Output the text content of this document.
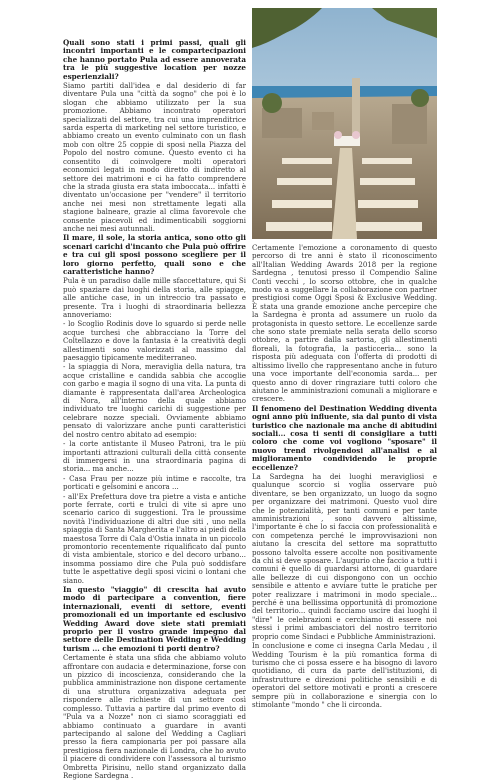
Quali sono stati i primi passi, quali gli incontri importanti e le compartecipazioni che hanno portato Pula ad essere annoverata tra le più suggestive location per nozze esperienziali?

Siamo partiti dall'idea e dal desiderio di far diventare Pula una "città da sogno" che poi è lo slogan che abbiamo utilizzato per la sua promozione. Abbiamo incontrato operatori specializzati del settore, tra cui una imprenditrice sarda esperta di marketing nel settore turistico, e abbiamo creato un evento culminato con un flash mob con oltre 25 coppie di sposi nella Piazza del Popolo del nostro comune. Questo evento ci ha consentito di coinvolgere molti operatori economici legati in modo diretto di indiretto al settore dei matrimoni e ci ha fatto comprendere che la strada giusta era stata imboccata... infatti è diventato un'occasione per "vendere" il territorio anche nei mesi non strettamente legati alla stagione balneare, grazie al clima favorevole che consente piacevoli ed indimenticabili soggiorni anche nei mesi autunnali.

Il mare, il sole, la storia antica, sono otto gli scenari carichi d'incanto che Pula può offrire e tra cui gli sposi possono scegliere per il loro giorno perfetto, quali sono e che caratteristiche hanno?

Pula è un paradiso dalle mille sfaccettature, qui Si può spaziare dai luoghi della storia, alle spiagge, alle antiche case, in un intreccio tra passato e presente. Tra i luoghi di straordinaria bellezza annoveriamo:

- lo Scoglio Rodinis dove lo sguardo si perde nelle acque turchesi che abbracciano la Torre del Coltellazzo e dove la fantasia è la creatività degli allestimenti sono valorizzati al massimo dal paesaggio tipicamente mediterraneo.

- la spiaggia di Nora, meraviglia della natura, tra acque cristalline e candida sabbia che accoglie con garbo e magia il sogno di una vita. La punta di diamante è rappresentata dall'area Archeologica di Nora, all'interno della quale abbiamo individuato tre luoghi carichi di suggestione per celebrare nozze speciali. Ovviamente abbiamo pensato di valorizzare anche punti caratteristici del nostro centro abitato ad esempio:

- la corte antistante il Museo Patroni, tra le più importanti attrazioni culturali della città consente di immergersi in una straordinaria pagina di storia... ma anche...

- Casa Frau per nozze più intime e raccolte, tra porticati e gelsomini e ancora ...

- all'Ex Prefettura dove tra pietre a vista e antiche porte ferrate, corti e trulci di vite si apre uno scenario carico di suggestioni. Tra le proussime novità l'individuazione di altri due siti , uno nella spiaggia di Santa Margherita e l'altro ai piedi della maestosa Torre di Cala d'Ostia innata in un piccolo promontorio recentemente riqualificato dal punto di vista ambientale, storico e del decoro urbano... insomma possiamo dire che Pula può soddisfare tutte le aspettative degli sposi vicini o lontani che siano.

In questo "viaggio" di crescita hai avuto modo di partecipare a convention, fiere internazionali, eventi di settore, eventi promozionali ed un importante ed esclusivo Wedding Award dove siete stati premiati proprio per il vostro grande impegno dal settore delle Destination Wedding e Wedding turism ... che emozioni ti porti dentro?

Certamente è stata una sfida che abbiamo voluto affrontare con audacia e determinazione, forse con un pizzico di incoscienza, considerando che la pubblica amministrazione non dispone certamente di una struttura organizzativa adeguata per rispondere alle richieste di un settore così complesso. Tuttavia a partire dal primo evento di "Pula va a Nozze" non ci siamo scoraggiati ed abbiamo continuato a guardare in avanti partecipando al salone del Wedding a Cagliari presso la fiera campionaria per poi passare alla prestigiosa fiera nazionale di Londra, che ho avuto il piacere di condividere con l'assessora al turismo Ombretta Pirisinu, nello stand organizzato dalla Regione Sardegna .

Certamente l'emozione a coronamento di questo percorso di tre anni è stato il riconoscimento all'Italian Wedding Awards 2018 per la regione Sardegna , tenutosi presso il Compendio Saline Conti vecchi , lo scorso ottobre, che in qualche modo va a suggellare la collaborazione con partner prestigiosi come Oggi Sposi & Exclusive Wedding. È stata una grande emozione anche percepire che la Sardegna è pronta ad assumere un ruolo da protagonista in questo settore. Le eccellenze sarde che sono state premiate nella serata dello scorso ottobre, a partire dalla sartoria, gli allestimenti floreali, la fotografia, la pasticceria... sono la risposta più adeguata con l'offerta di prodotti di altissimo livello che rappresentano anche in futuro una voce importante dell'economia sarda... per questo anno di dover ringraziare tutti coloro che aiutano le amministrazioni comunali a migliorare e crescere.

Il fenomeno del Destination Wedding diventa ogni anno più influente, sia dal punto di vista turistico che nazionale ma anche di abitudini sociali... cosa ti senti di consigliare a tutti coloro che come voi vogliono "sposare" il nuovo trend rivolgendosi all'analisi e al miglioramento condividendo le proprie eccellenze?

La Sardegna ha dei luoghi meravigliosi e qualunque scorcio si voglia osservare può diventare, se ben organizzato, un luogo da sogno per organizzare dei matrimoni. Questo vuol dire che le potenzialità, per tanti comuni e per tante amministrazioni , sono davvero altissime, l'importante è che lo si faccia con professionalità e con competenza perché le improvvisazioni non aiutano la crescita del settore ma soprattutto possono talvolta essere accolte non positivamente da chi si deve sposare. L'augurio che faccio a tutti i comuni è quello di guardarsi attorno, di guardare alle bellezze di cui dispongono con un occhio sensibile e attento e avviare tutte le pratiche per poter realizzare i matrimoni in modo speciale... perché è una bellissima opportunità di promozione del territorio... quindi facciamo uscire dai luoghi il "dire" le celebrazioni e cerchiamo di essere noi stessi i primi ambasciatori del nostro territorio proprio come Sindaci e Pubbliche Amministrazioni.

In conclusione e come ci insegna Carla Medau , il Wedding Tourism è la più romantica forma di turismo che ci possa essere e ha bisogno di lavoro quotidiano, di cura da parte dell'istituzioni, di infrastrutture e direzioni politiche sensibili e di operatori del settore motivati e pronti a crescere sempre più in collaborazione e sinergia con lo stimolante "mondo " che li circonda.
